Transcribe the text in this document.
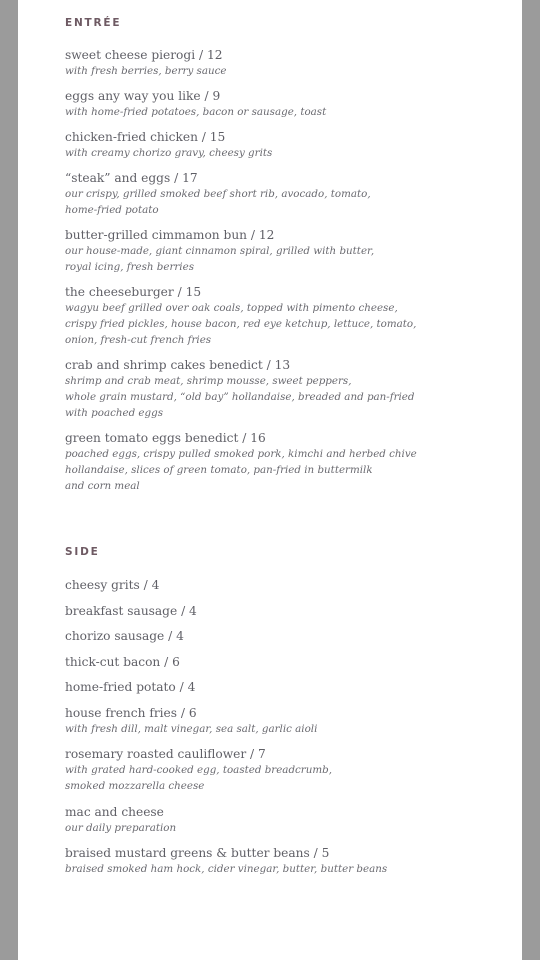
ENTRÉE
sweet cheese pierogi / 12
with fresh berries, berry sauce
eggs any way you like / 9
with home-fried potatoes, bacon or sausage, toast
chicken-fried chicken / 15
with creamy chorizo gravy, cheesy grits
“steak” and eggs / 17
our crispy, grilled smoked beef short rib, avocado, tomato,
home-fried potato
butter-grilled cimmamon bun / 12
our house-made, giant cinnamon spiral, grilled with butter,
royal icing, fresh berries
the cheeseburger / 15
wagyu beef grilled over oak coals, topped with pimento cheese,
crispy fried pickles, house bacon, red eye ketchup, lettuce, tomato,
onion, fresh-cut french fries
crab and shrimp cakes benedict / 13
shrimp and crab meat, shrimp mousse, sweet peppers,
whole grain mustard, “old bay” hollandaise, breaded and pan-fried
with poached eggs
green tomato eggs benedict / 16
poached eggs, crispy pulled smoked pork, kimchi and herbed chive
hollandaise, slices of green tomato, pan-fried in buttermilk
and corn meal
SIDE
cheesy grits / 4
breakfast sausage / 4
chorizo sausage / 4
thick-cut bacon / 6
home-fried potato / 4
house french fries / 6
with fresh dill, malt vinegar, sea salt, garlic aioli
rosemary roasted cauliflower / 7
with grated hard-cooked egg, toasted breadcrumb,
smoked mozzarella cheese
mac and cheese
our daily preparation
braised mustard greens & butter beans / 5
braised smoked ham hock, cider vinegar, butter, butter beans
